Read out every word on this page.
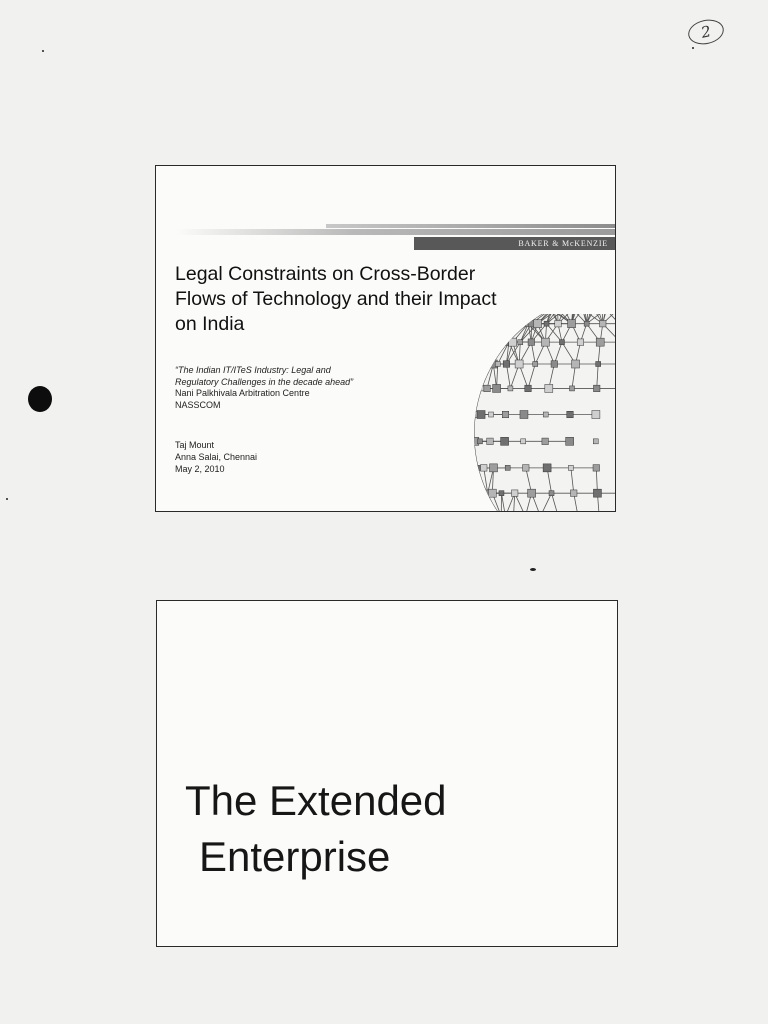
2
BAKER & McKENZIE
Legal Constraints on Cross-Border
Flows of Technology and their Impact
on India
“The Indian IT/ITeS Industry: Legal and
Regulatory Challenges in the decade ahead”
Nani Palkhivala Arbitration Centre
NASSCOM
Taj Mount
Anna Salai, Chennai
May 2, 2010
The Extended
Enterprise
